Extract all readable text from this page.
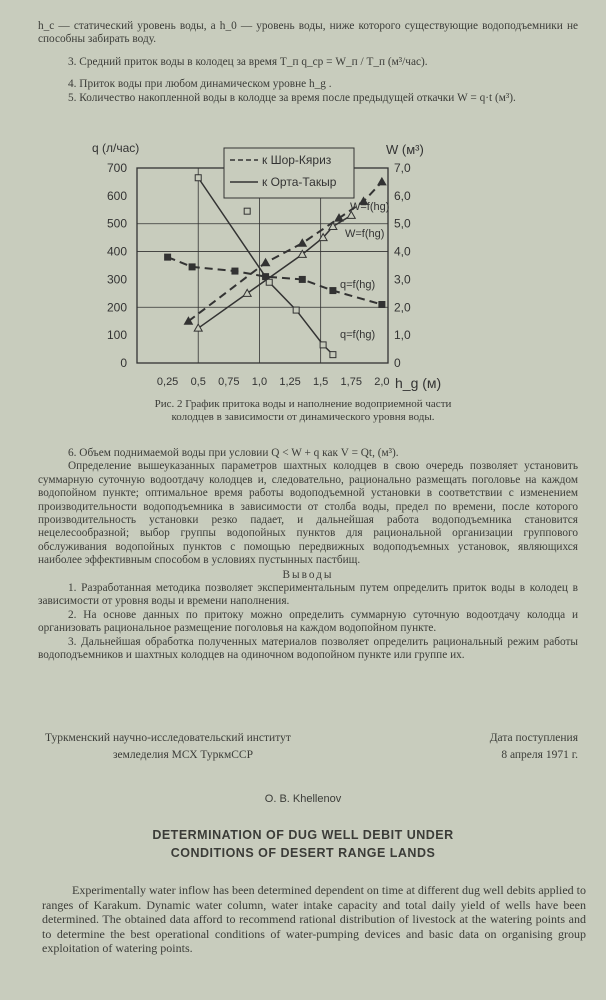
h_c — статический уровень воды, а h_0 — уровень воды, ниже которого существующие водоподъемники не способны забирать воду.

3. Средний приток воды в колодец за время T_п q_ср = W_п / T_п (м³/час).

4. Приток воды при любом динамическом уровне h_g .

5. Количество накопленной воды в колодце за время после предыдущей откачки W = q·t (м³).

0
100
200
300
400
500
600
700
0
1,0
2,0
3,0
4,0
5,0
6,0
7,0
0,25 0,5 0,75 1,0 1,25 1,5 1,75 2,0
q (л/час)	W (м³)
h_g (м)
к Шор-Кяриз
к Орта-Такыр
W=f(hg)
W=f(hg)
q=f(hg)
q=f(hg)
Рис. 2 График притока воды и наполнение водоприемной части колодцев в зависимости от динамического уровня воды.

6. Объем поднимаемой воды при условии Q < W + q как V = Qt, (м³).

Определение вышеуказанных параметров шахтных колодцев в свою очередь позволяет установить суммарную суточную водоотдачу колодцев и, следовательно, рационально размещать поголовье на каждом водопойном пункте; оптимальное время работы водоподъемной установки в соответствии с изменением производительности водоподъемника в зависимости от столба воды, предел по времени, после которого производительность установки резко падает, и дальнейшая работа водоподъемника становится нецелесообразной; выбор группы водопойных пунктов для рациональной организации группового обслуживания водопойных пунктов с помощью передвижных водоподъемных установок, являющихся наиболее эффективным способом в условиях пустынных пастбищ.

Выводы

1. Разработанная методика позволяет экспериментальным путем определить приток воды в колодец в зависимости от уровня воды и времени наполнения.

2. На основе данных по притоку можно определить суммарную суточную водоотдачу колодца и организовать рациональное размещение поголовья на каждом водопойном пункте.

3. Дальнейшая обработка полученных материалов позволяет определить рациональный режим работы водоподъемников и шахтных колодцев на одиночном водопойном пункте или группе их.

Туркменский научно-исследовательский институт
земледелия МСХ ТуркмССР
Дата поступления
8 апреля 1971 г.
O. B. Khellenov
DETERMINATION OF DUG WELL DEBIT UNDER
CONDITIONS OF DESERT RANGE LANDS

Experimentally water inflow has been determined dependent on time at different dug well debits applied to ranges of Karakum. Dynamic water column, water intake capacity and total daily yield of wells have been determined. The obtained data afford to recommend rational distribution of livestock at the watering points and to determine the best operational conditions of water-pumping devices and basic data on organising group exploitation of watering points.
